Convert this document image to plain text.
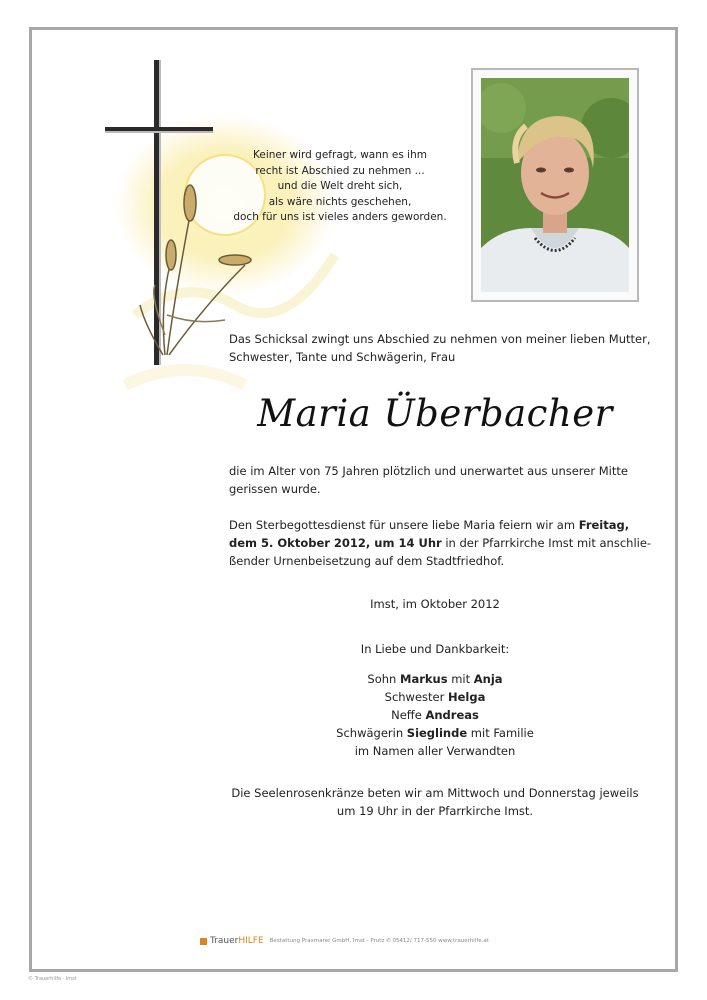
Keiner wird gefragt, wann es ihm
recht ist Abschied zu nehmen ...
und die Welt dreht sich,
als wäre nichts geschehen,
doch für uns ist vieles anders geworden.
Das Schicksal zwingt uns Abschied zu nehmen von meiner lieben Mutter,
Schwester, Tante und Schwägerin, Frau
Maria Überbacher
die im Alter von 75 Jahren plötzlich und unerwartet aus unserer Mitte
gerissen wurde.
Den Sterbegottesdienst für unsere liebe Maria feiern wir am Freitag,
dem 5. Oktober 2012, um 14 Uhr in der Pfarrkirche Imst mit anschlie-
ßender Urnenbeisetzung auf dem Stadtfriedhof.
Imst, im Oktober 2012
In Liebe und Dankbarkeit:
Sohn Markus mit Anja
Schwester Helga
Neffe Andreas
Schwägerin Sieglinde mit Familie
im Namen aller Verwandten
Die Seelenrosenkränze beten wir am Mittwoch und Donnerstag jeweils
um 19 Uhr in der Pfarrkirche Imst.
TrauerHILFE Bestattung Praxmarer GmbH, Imst - Prutz ✆ 05412/ 717-550 www.trauerhilfe.at
© Trauerhilfe · Imst
